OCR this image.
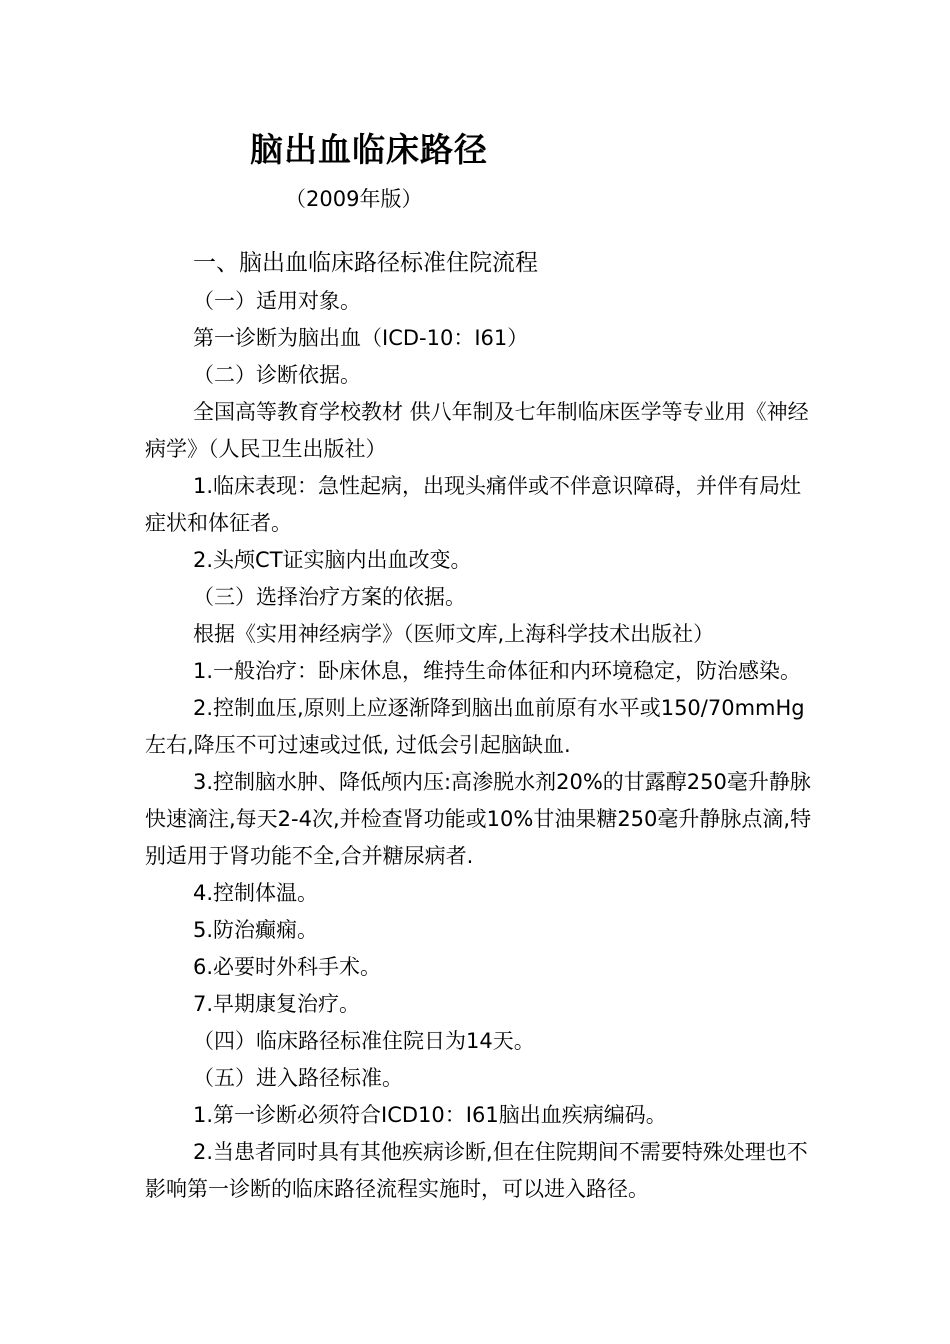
脑出血临床路径
（2009年版）
一、脑出血临床路径标准住院流程

（一）适用对象。

第一诊断为脑出血（ICD-10：I61）

（二）诊断依据。

全国高等教育学校教材 供八年制及七年制临床医学等专业用《神经病学》（人民卫生出版社）

1.临床表现：急性起病，出现头痛伴或不伴意识障碍，并伴有局灶症状和体征者。

2.头颅CT证实脑内出血改变。

（三）选择治疗方案的依据。

根据《实用神经病学》（医师文库,上海科学技术出版社）

1.一般治疗：卧床休息，维持生命体征和内环境稳定，防治感染。

2.控制血压,原则上应逐渐降到脑出血前原有水平或150/70mmHg左右,降压不可过速或过低, 过低会引起脑缺血.

3.控制脑水肿、降低颅内压:高渗脱水剂20%的甘露醇250毫升静脉快速滴注,每天2-4次,并检查肾功能或10%甘油果糖250毫升静脉点滴,特别适用于肾功能不全,合并糖尿病者.

4.控制体温。

5.防治癫痫。

6.必要时外科手术。

7.早期康复治疗。

（四）临床路径标准住院日为14天。

（五）进入路径标准。

1.第一诊断必须符合ICD10：I61脑出血疾病编码。

2.当患者同时具有其他疾病诊断,但在住院期间不需要特殊处理也不影响第一诊断的临床路径流程实施时，可以进入路径。
